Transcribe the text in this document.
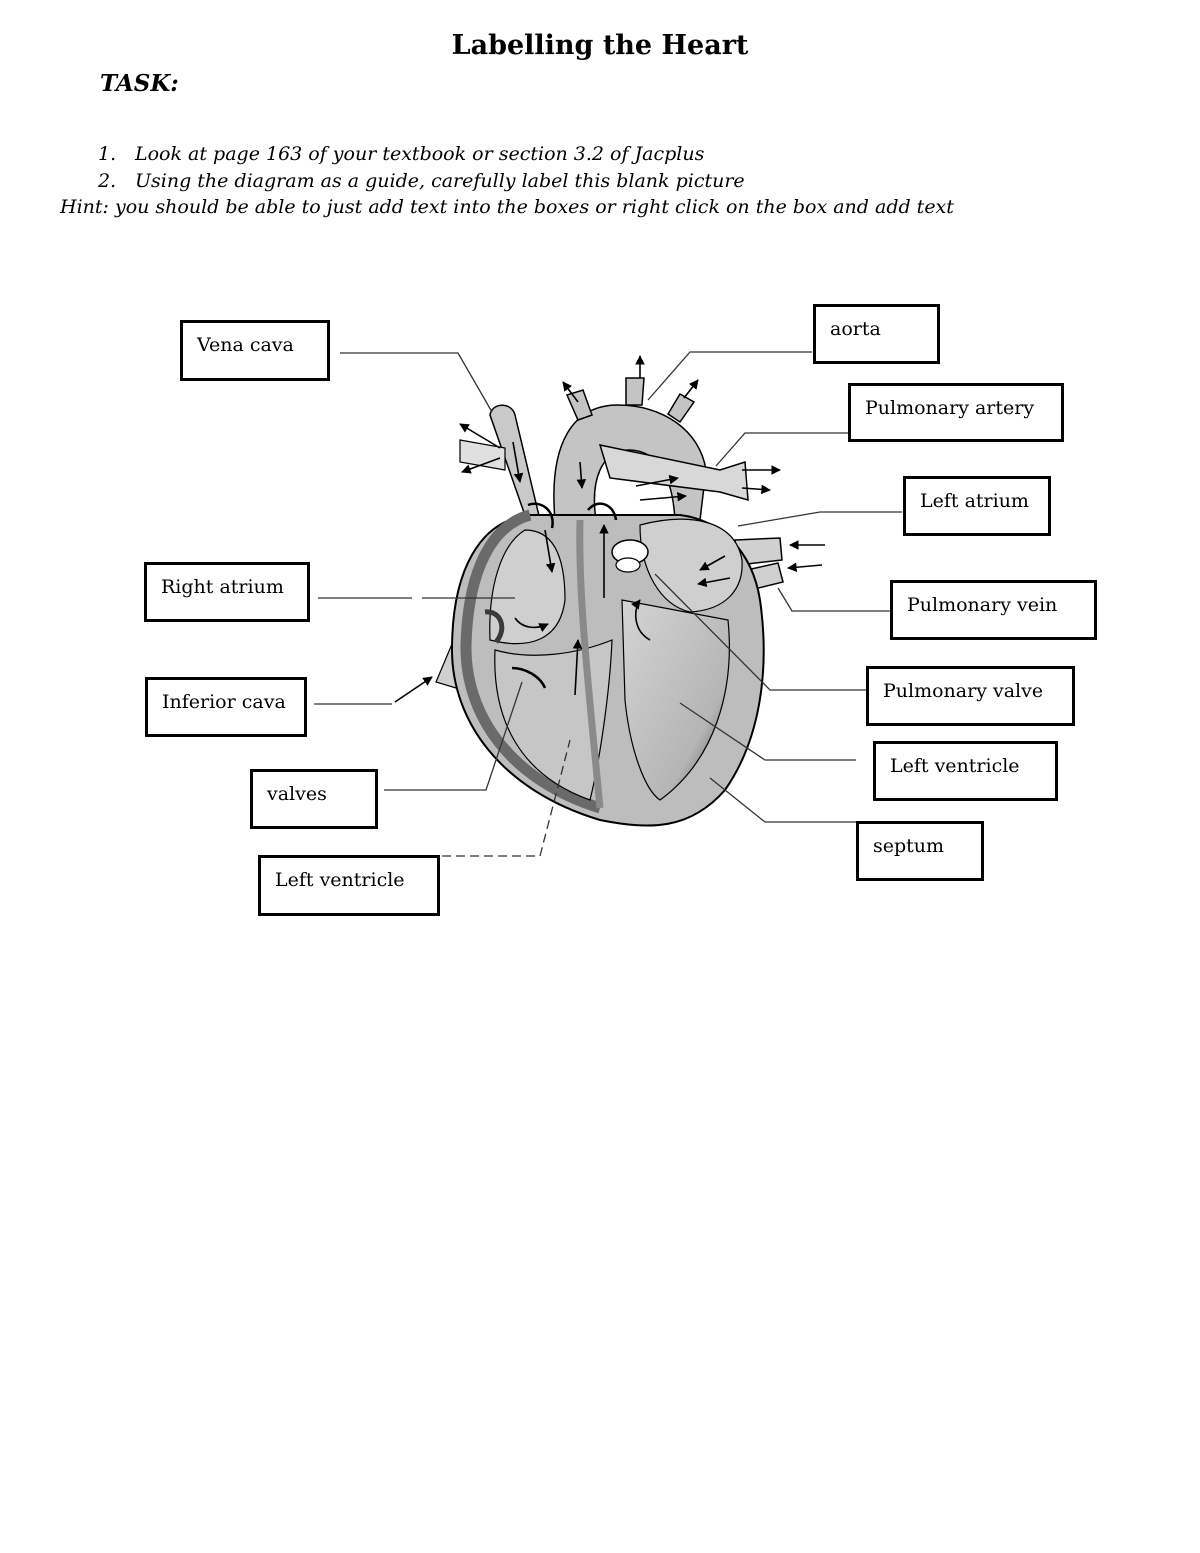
Labelling the Heart
TASK:
1. Look at page 163 of your textbook or section 3.2 of Jacplus
2. Using the diagram as a guide, carefully label this blank picture
Hint: you should be able to just add text into the boxes or right click on the box and add text
Vena cava
aorta
Pulmonary artery
Left atrium
Right atrium
Pulmonary vein
Inferior cava	Pulmonary valve
Left ventricle
valves
septum
Left ventricle
